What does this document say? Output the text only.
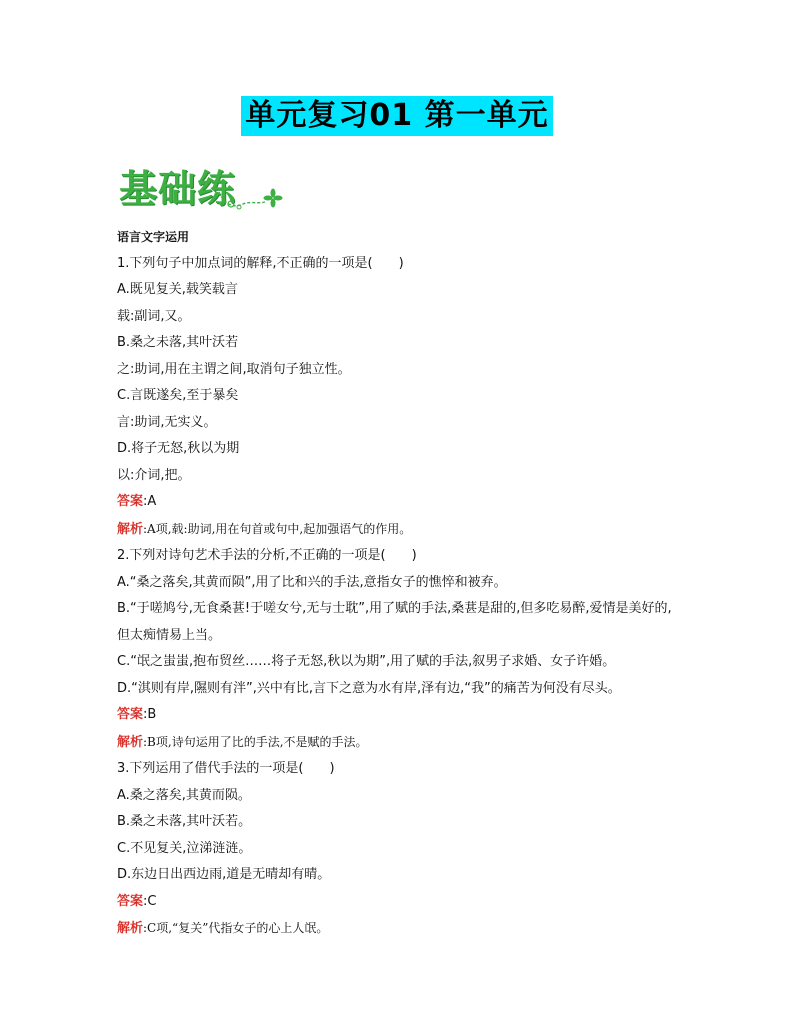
单元复习01 第一单元
基础练
语言文字运用
1.下列句子中加点词的解释,不正确的一项是(　　)
A.既见复关,载笑载言
载:副词,又。
B.桑之未落,其叶沃若
之:助词,用在主谓之间,取消句子独立性。
C.言既遂矣,至于暴矣
言:助词,无实义。
D.将子无怒,秋以为期
以:介词,把。
答案:A
解析:A项,载:助词,用在句首或句中,起加强语气的作用。
2.下列对诗句艺术手法的分析,不正确的一项是(　　)
A.“桑之落矣,其黄而陨”,用了比和兴的手法,意指女子的憔悴和被弃。
B.“于嗟鸠兮,无食桑葚!于嗟女兮,无与士耽”,用了赋的手法,桑葚是甜的,但多吃易醉,爱情是美好的,
但太痴情易上当。
C.“氓之蚩蚩,抱布贸丝……将子无怒,秋以为期”,用了赋的手法,叙男子求婚、女子许婚。
D.“淇则有岸,隰则有泮”,兴中有比,言下之意为水有岸,泽有边,“我”的痛苦为何没有尽头。
答案:B
解析:B项,诗句运用了比的手法,不是赋的手法。
3.下列运用了借代手法的一项是(　　)
A.桑之落矣,其黄而陨。
B.桑之未落,其叶沃若。
C.不见复关,泣涕涟涟。
D.东边日出西边雨,道是无晴却有晴。
答案:C
解析:C项,“复关”代指女子的心上人氓。
